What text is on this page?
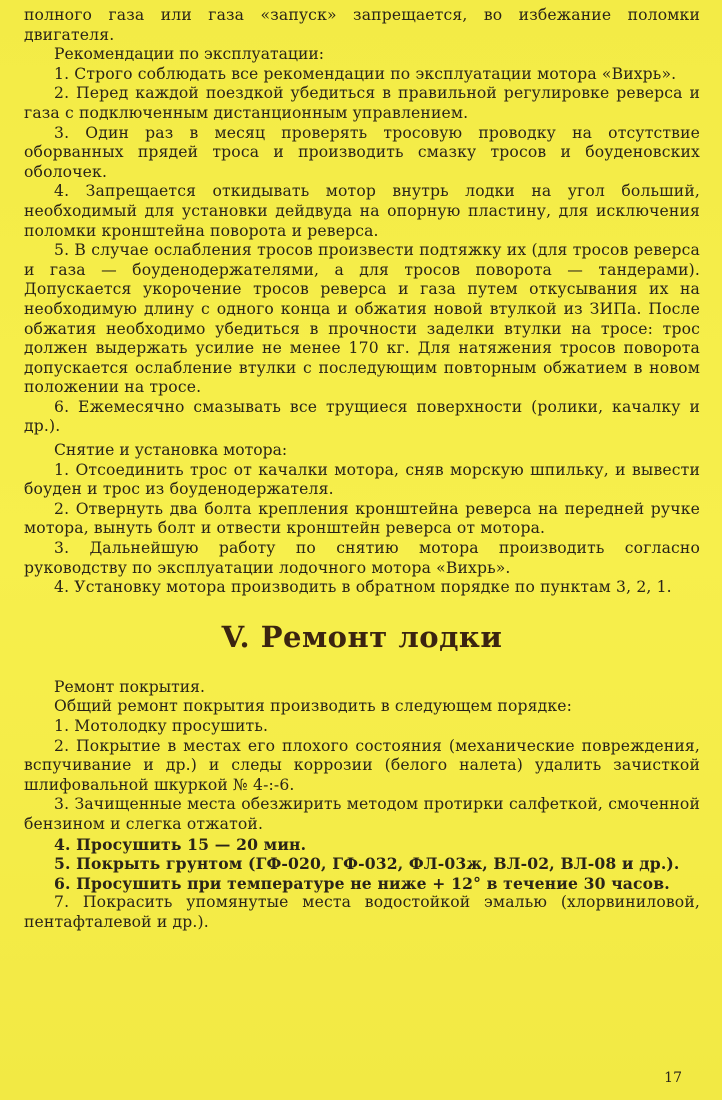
полного газа или газа «запуск» запрещается, во избежание поломки двигателя.

Рекомендации по эксплуатации:

1. Строго соблюдать все рекомендации по эксплуатации мотора «Вихрь».

2. Перед каждой поездкой убедиться в правильной регулировке реверса и газа с подключенным дистанционным управлением.

3. Один раз в месяц проверять тросовую проводку на отсутствие оборванных прядей троса и производить смазку тросов и боуденовских оболочек.

4. Запрещается откидывать мотор внутрь лодки на угол больший, необходимый для установки дейдвуда на опорную пластину, для исключения поломки кронштейна поворота и реверса.

5. В случае ослабления тросов произвести подтяжку их (для тросов реверса и газа — боуденодержателями, а для тросов поворота — тандерами). Допускается укорочение тросов реверса и газа путем откусывания их на необходимую длину с одного конца и обжатия новой втулкой из ЗИПа. После обжатия необходимо убедиться в прочности заделки втулки на тросе: трос должен выдержать усилие не менее 170 кг. Для натяжения тросов поворота допускается ослабление втулки с последующим повторным обжатием в новом положении на тросе.

6. Ежемесячно смазывать все трущиеся поверхности (ролики, качалку и др.).

Снятие и установка мотора:

1. Отсоединить трос от качалки мотора, сняв морскую шпильку, и вывести боуден и трос из боуденодержателя.

2. Отвернуть два болта крепления кронштейна реверса на передней ручке мотора, вынуть болт и отвести кронштейн реверса от мотора.

3. Дальнейшую работу по снятию мотора производить согласно руководству по эксплуатации лодочного мотора «Вихрь».

4. Установку мотора производить в обратном порядке по пунктам 3, 2, 1.

V. Ремонт лодки

Ремонт покрытия.

Общий ремонт покрытия производить в следующем порядке:

1. Мотолодку просушить.

2. Покрытие в местах его плохого состояния (механические повреждения, вспучивание и др.) и следы коррозии (белого налета) удалить зачисткой шлифовальной шкуркой № 4-:-6.

3. Зачищенные места обезжирить методом протирки салфеткой, смоченной бензином и слегка отжатой.

4. Просушить 15 — 20 мин.

5. Покрыть грунтом (ГФ-020, ГФ-032, ФЛ-03ж, ВЛ-02, ВЛ-08 и др.).

6. Просушить при температуре не ниже + 12° в течение 30 часов.

7. Покрасить упомянутые места водостойкой эмалью (хлорвиниловой, пентафталевой и др.).

17
